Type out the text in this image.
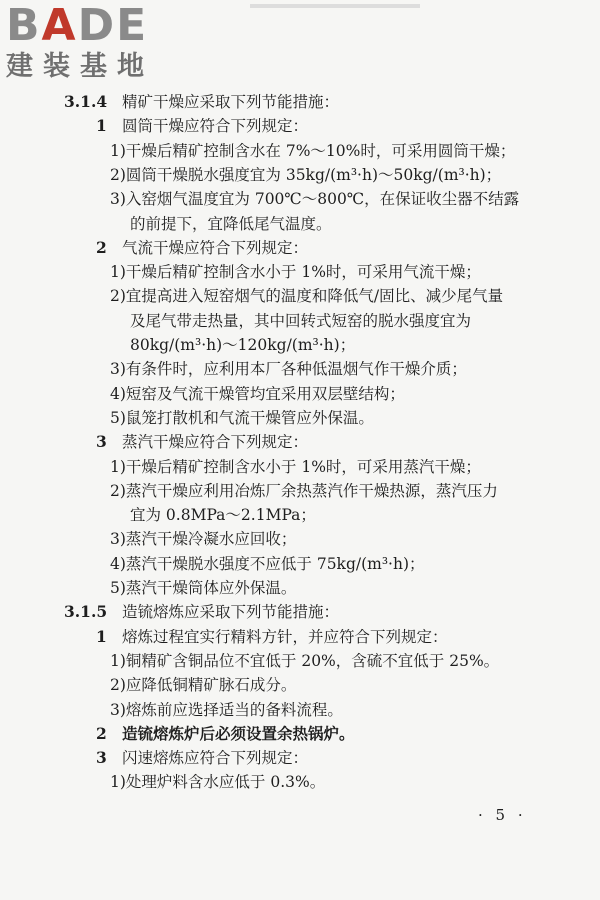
BADE
建装基地
3.1.4 精矿干燥应采取下列节能措施：
1 圆筒干燥应符合下列规定：
1)干燥后精矿控制含水在 7%～10%时，可采用圆筒干燥；
2)圆筒干燥脱水强度宜为 35kg/(m³·h)～50kg/(m³·h)；
3)入窑烟气温度宜为 700℃～800℃，在保证收尘器不结露
的前提下，宜降低尾气温度。
2 气流干燥应符合下列规定：
1)干燥后精矿控制含水小于 1%时，可采用气流干燥；
2)宜提高进入短窑烟气的温度和降低气/固比、减少尾气量
及尾气带走热量，其中回转式短窑的脱水强度宜为
80kg/(m³·h)～120kg/(m³·h)；
3)有条件时，应利用本厂各种低温烟气作干燥介质；
4)短窑及气流干燥管均宜采用双层壁结构；
5)鼠笼打散机和气流干燥管应外保温。
3 蒸汽干燥应符合下列规定：
1)干燥后精矿控制含水小于 1%时，可采用蒸汽干燥；
2)蒸汽干燥应利用冶炼厂余热蒸汽作干燥热源，蒸汽压力
宜为 0.8MPa～2.1MPa；
3)蒸汽干燥冷凝水应回收；
4)蒸汽干燥脱水强度不应低于 75kg/(m³·h)；
5)蒸汽干燥筒体应外保温。
3.1.5 造锍熔炼应采取下列节能措施：
1 熔炼过程宜实行精料方针，并应符合下列规定：
1)铜精矿含铜品位不宜低于 20%，含硫不宜低于 25%。
2)应降低铜精矿脉石成分。
3)熔炼前应选择适当的备料流程。
2 造锍熔炼炉后必须设置余热锅炉。
3 闪速熔炼应符合下列规定：
1)处理炉料含水应低于 0.3%。
· 5 ·
